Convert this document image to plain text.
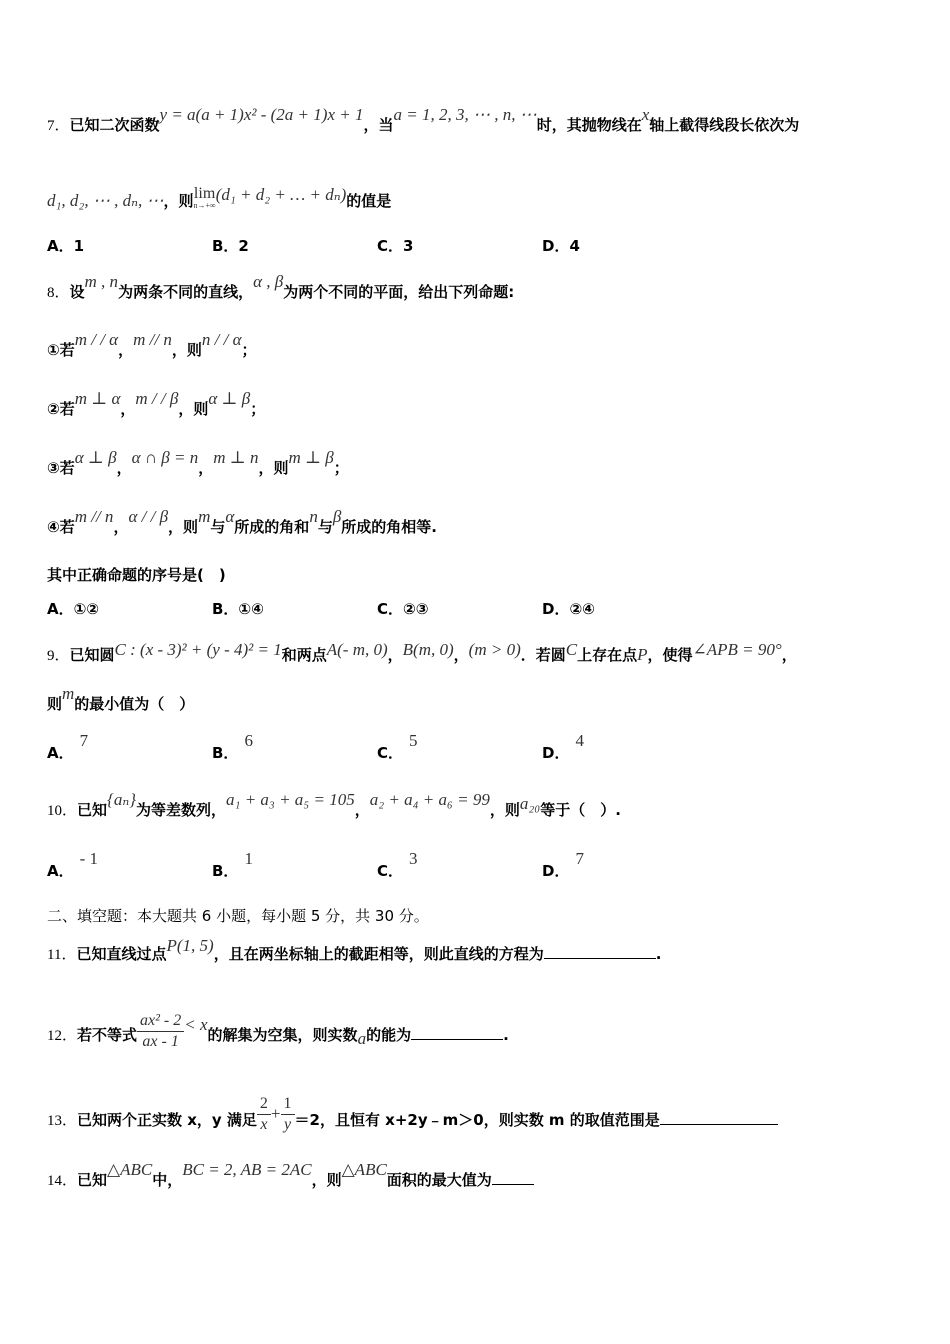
7．已知二次函数y = a(a + 1)x² - (2a + 1)x + 1，当a = 1, 2, 3, ⋯ , n, ⋯时，其抛物线在x轴上截得线段长依次为
d₁, d₂, ⋯ , dₙ, ⋯，则 lim
n→+∞
(d₁ + d₂ + … + dₙ)的值是
A．1	B．2	C．3	D．4
8．设m , n为两条不同的直线，α , β为两个不同的平面，给出下列命题:
①若m / / α，m // n，则n / / α；
②若m ⊥ α，m / / β，则α ⊥ β；
③若α ⊥ β，α ∩ β = n，m ⊥ n，则m ⊥ β；
④若m // n，α / / β，则m与α所成的角和n与β所成的角相等.
其中正确命题的序号是(　)
A．①②	B．①④	C．②③	D．②④
9．已知圆C : (x - 3)² + (y - 4)² = 1和两点A(- m, 0)，B(m, 0)，(m > 0)．若圆C上存在点P，使得∠APB = 90°，
则m的最小值为（　）
A．7
B．6
C．5
D．4
10．已知{aₙ}为等差数列，a₁ + a₃ + a₅ = 105，a₂ + a₄ + a₆ = 99，则a₂₀等于（　）.
A．- 1
B．1
C．3
D．7
二、填空题：本大题共 6 小题，每小题 5 分，共 30 分。
11．已知直线过点P(1, 5)，且在两坐标轴上的截距相等，则此直线的方程为	.
12．若不等式 $\frac{\text{ax² - 2}}{ax - 1} < x$的解集为空集，则实数a的能为	.
13．已知两个正实数 x，y 满足 $\frac{2}{x} + \frac{1}{y} =2$，且恒有 x+2y﹣m＞0，则实数 m 的取值范围是
14．已知△ABC中，BC = 2, AB = 2AC，则△ABC面积的最大值为
